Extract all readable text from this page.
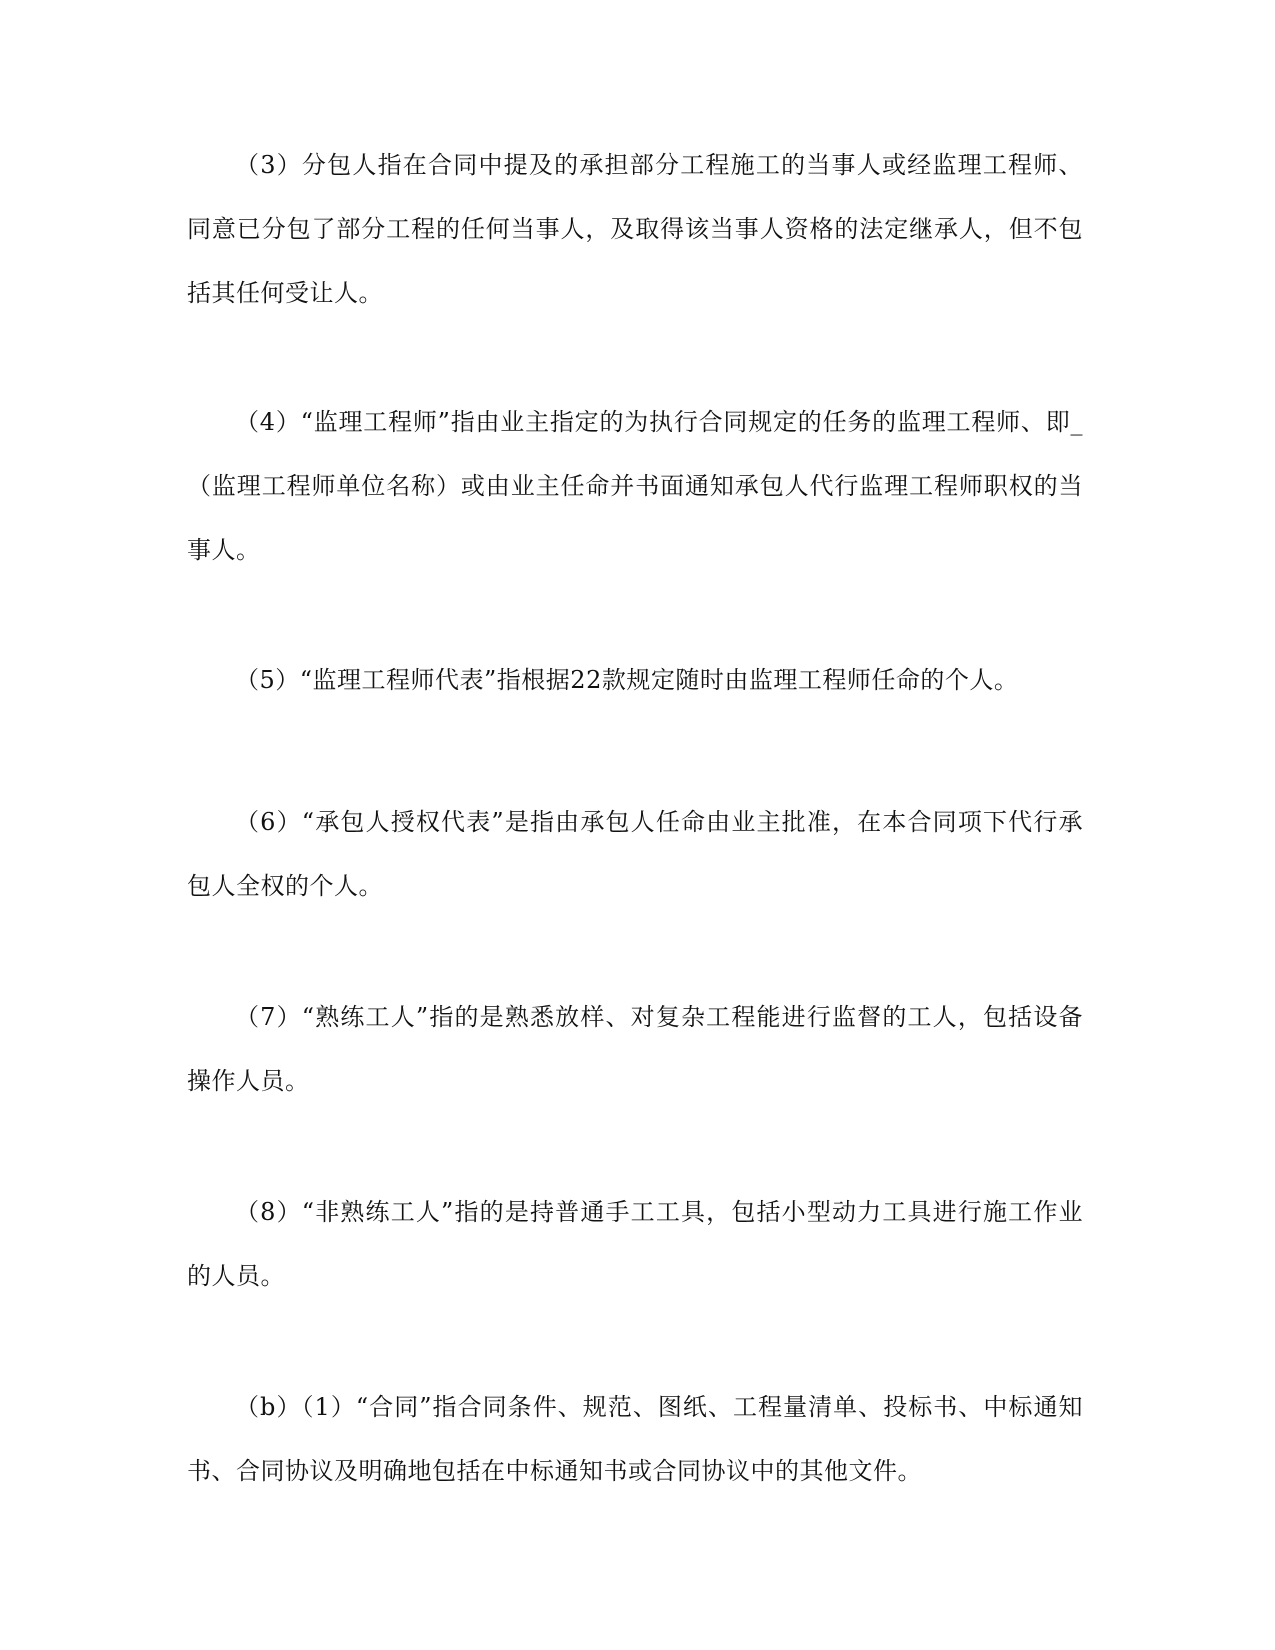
（3）分包人指在合同中提及的承担部分工程施工的当事人或经监理工程师、同意已分包了部分工程的任何当事人，及取得该当事人资格的法定继承人，但不包括其任何受让人。

（4）“监理工程师”指由业主指定的为执行合同规定的任务的监理工程师、即_（监理工程师单位名称）或由业主任命并书面通知承包人代行监理工程师职权的当事人。

（5）“监理工程师代表”指根据22款规定随时由监理工程师任命的个人。

（6）“承包人授权代表”是指由承包人任命由业主批准，在本合同项下代行承包人全权的个人。

（7）“熟练工人”指的是熟悉放样、对复杂工程能进行监督的工人，包括设备操作人员。

（8）“非熟练工人”指的是持普通手工工具，包括小型动力工具进行施工作业的人员。

（b）（1）“合同”指合同条件、规范、图纸、工程量清单、投标书、中标通知书、合同协议及明确地包括在中标通知书或合同协议中的其他文件。
